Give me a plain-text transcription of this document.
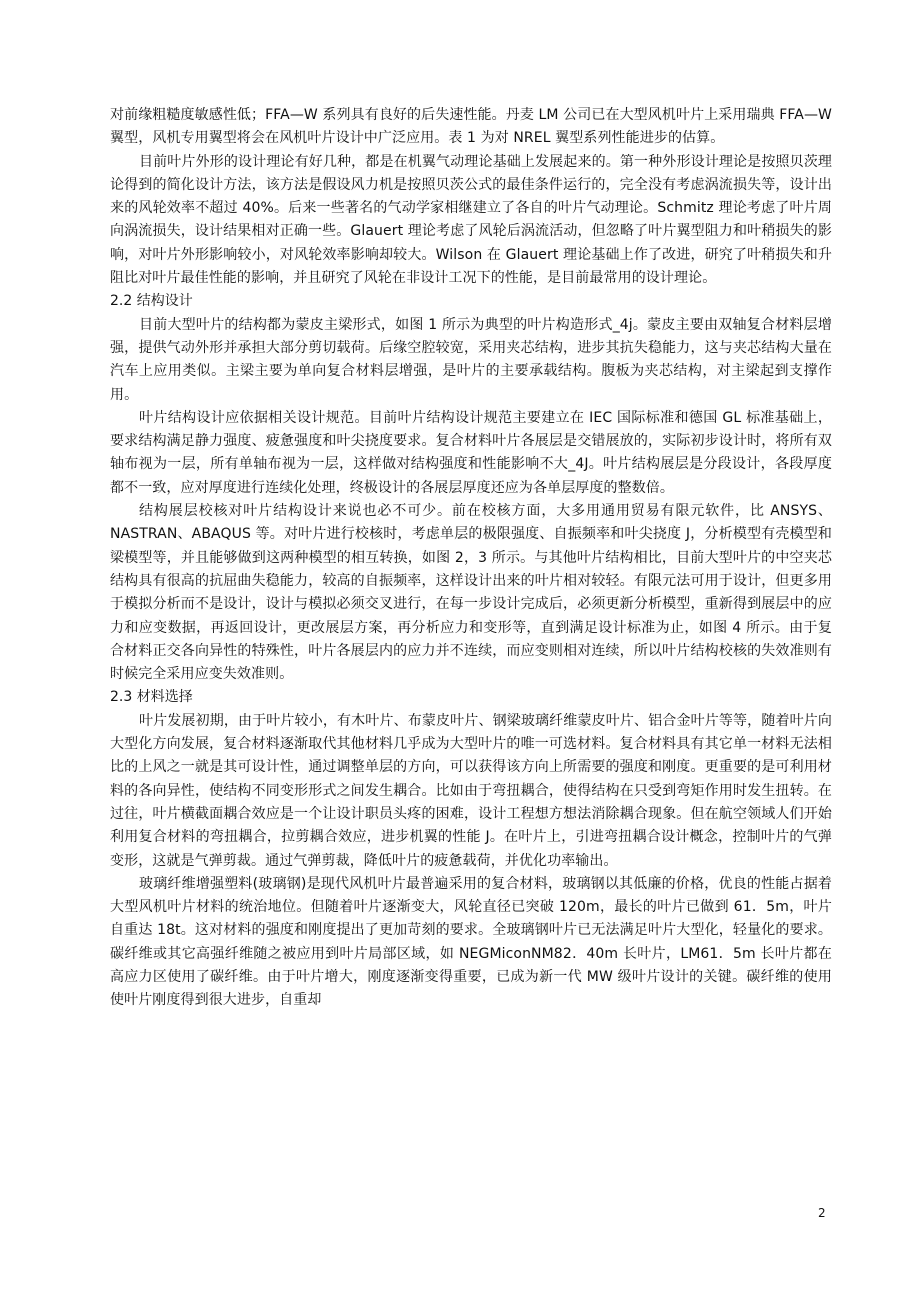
对前缘粗糙度敏感性低；FFA—W 系列具有良好的后失速性能。丹麦 LM 公司已在大型风机叶片上采用瑞典 FFA—W 翼型，风机专用翼型将会在风机叶片设计中广泛应用。表 1 为对 NREL 翼型系列性能进步的估算。

目前叶片外形的设计理论有好几种，都是在机翼气动理论基础上发展起来的。第一种外形设计理论是按照贝茨理论得到的简化设计方法，该方法是假设风力机是按照贝茨公式的最佳条件运行的，完全没有考虑涡流损失等，设计出来的风轮效率不超过 40%。后来一些著名的气动学家相继建立了各自的叶片气动理论。Schmitz 理论考虑了叶片周向涡流损失，设计结果相对正确一些。Glauert 理论考虑了风轮后涡流活动，但忽略了叶片翼型阻力和叶稍损失的影响，对叶片外形影响较小，对风轮效率影响却较大。Wilson 在 Glauert 理论基础上作了改进，研究了叶稍损失和升阻比对叶片最佳性能的影响，并且研究了风轮在非设计工况下的性能，是目前最常用的设计理论。

2.2 结构设计

目前大型叶片的结构都为蒙皮主梁形式，如图 1 所示为典型的叶片构造形式_4j。蒙皮主要由双轴复合材料层增强，提供气动外形并承担大部分剪切载荷。后缘空腔较宽，采用夹芯结构，进步其抗失稳能力，这与夹芯结构大量在汽车上应用类似。主梁主要为单向复合材料层增强，是叶片的主要承载结构。腹板为夹芯结构，对主梁起到支撑作用。

叶片结构设计应依据相关设计规范。目前叶片结构设计规范主要建立在 IEC 国际标准和德国 GL 标准基础上，要求结构满足静力强度、疲惫强度和叶尖挠度要求。复合材料叶片各展层是交错展放的，实际初步设计时，将所有双轴布视为一层，所有单轴布视为一层，这样做对结构强度和性能影响不大_4J。叶片结构展层是分段设计，各段厚度都不一致，应对厚度进行连续化处理，终极设计的各展层厚度还应为各单层厚度的整数倍。

结构展层校核对叶片结构设计来说也必不可少。前在校核方面，大多用通用贸易有限元软件，比 ANSYS、NASTRAN、ABAQUS 等。对叶片进行校核时，考虑单层的极限强度、自振频率和叶尖挠度 J，分析模型有壳模型和梁模型等，并且能够做到这两种模型的相互转换，如图 2，3 所示。与其他叶片结构相比，目前大型叶片的中空夹芯结构具有很高的抗屈曲失稳能力，较高的自振频率，这样设计出来的叶片相对较轻。有限元法可用于设计，但更多用于模拟分析而不是设计，设计与模拟必须交叉进行，在每一步设计完成后，必须更新分析模型，重新得到展层中的应力和应变数据，再返回设计，更改展层方案，再分析应力和变形等，直到满足设计标准为止，如图 4 所示。由于复合材料正交各向异性的特殊性，叶片各展层内的应力并不连续，而应变则相对连续，所以叶片结构校核的失效准则有时候完全采用应变失效准则。

2.3 材料选择

叶片发展初期，由于叶片较小，有木叶片、布蒙皮叶片、钢梁玻璃纤维蒙皮叶片、铝合金叶片等等，随着叶片向大型化方向发展，复合材料逐渐取代其他材料几乎成为大型叶片的唯一可选材料。复合材料具有其它单一材料无法相比的上风之一就是其可设计性，通过调整单层的方向，可以获得该方向上所需要的强度和刚度。更重要的是可利用材料的各向异性，使结构不同变形形式之间发生耦合。比如由于弯扭耦合，使得结构在只受到弯矩作用时发生扭转。在过往，叶片横截面耦合效应是一个让设计职员头疼的困难，设计工程想方想法消除耦合现象。但在航空领域人们开始利用复合材料的弯扭耦合，拉剪耦合效应，进步机翼的性能 J。在叶片上，引进弯扭耦合设计概念，控制叶片的气弹变形，这就是气弹剪裁。通过气弹剪裁，降低叶片的疲惫载荷，并优化功率输出。

玻璃纤维增强塑料(玻璃钢)是现代风机叶片最普遍采用的复合材料，玻璃钢以其低廉的价格，优良的性能占据着大型风机叶片材料的统治地位。但随着叶片逐渐变大，风轮直径已突破 120m，最长的叶片已做到 61．5m，叶片自重达 18t。这对材料的强度和刚度提出了更加苛刻的要求。全玻璃钢叶片已无法满足叶片大型化，轻量化的要求。碳纤维或其它高强纤维随之被应用到叶片局部区域，如 NEGMiconNM82．40m 长叶片，LM61．5m 长叶片都在高应力区使用了碳纤维。由于叶片增大，刚度逐渐变得重要，已成为新一代 MW 级叶片设计的关键。碳纤维的使用使叶片刚度得到很大进步，自重却

2
